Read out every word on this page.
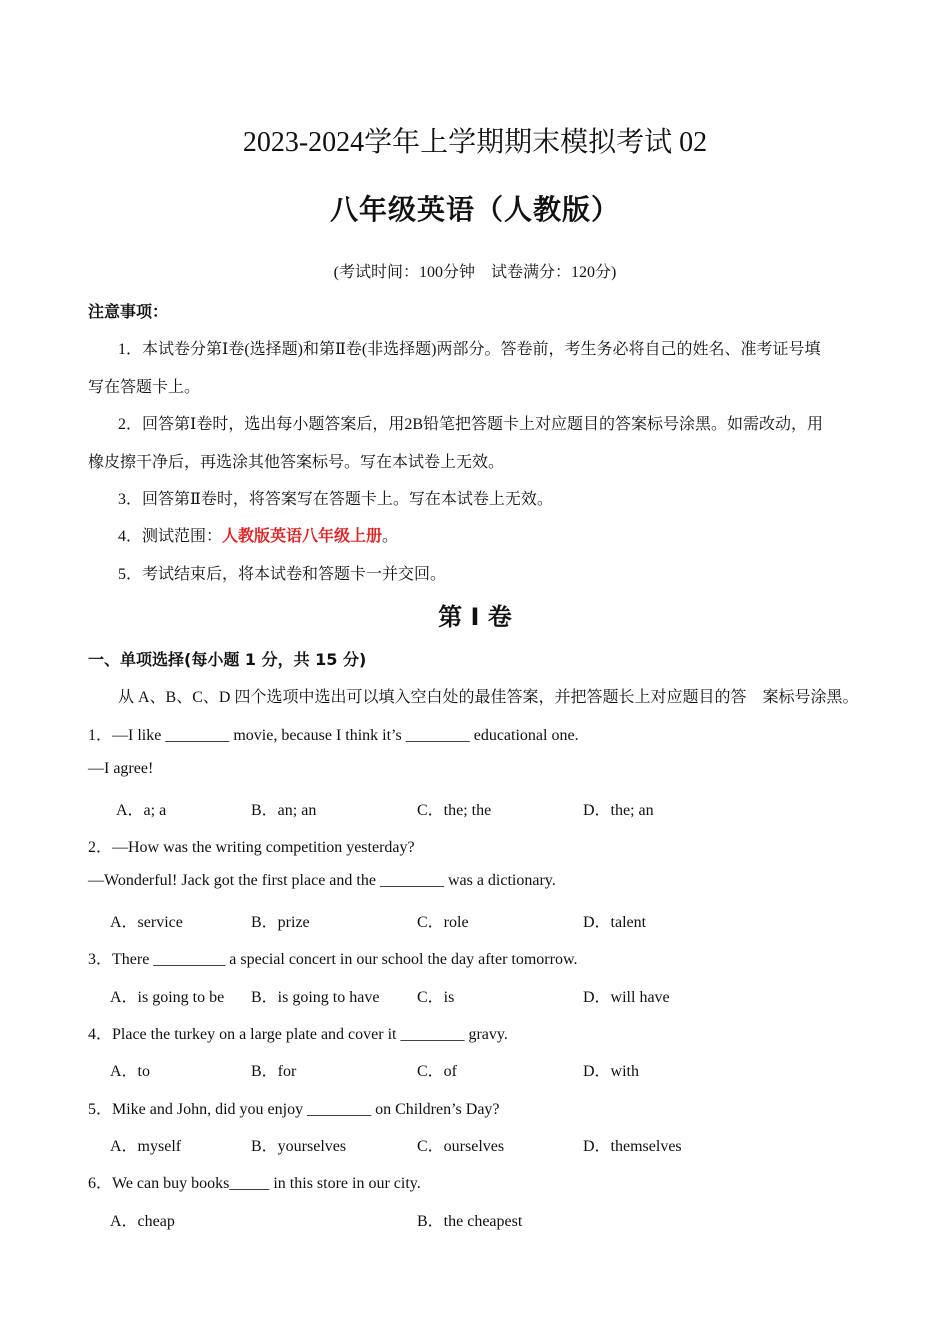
2023-2024学年上学期期末模拟考试 02
八年级英语（人教版）
(考试时间：100分钟　试卷满分：120分)
注意事项：
1．本试卷分第Ⅰ卷(选择题)和第Ⅱ卷(非选择题)两部分。答卷前，考生务必将自己的姓名、准考证号填
写在答题卡上。
2．回答第Ⅰ卷时，选出每小题答案后，用2B铅笔把答题卡上对应题目的答案标号涂黑。如需改动，用
橡皮擦干净后，再选涂其他答案标号。写在本试卷上无效。
3．回答第Ⅱ卷时，将答案写在答题卡上。写在本试卷上无效。
4．测试范围：人教版英语八年级上册。
5．考试结束后，将本试卷和答题卡一并交回。
第 I 卷
一、单项选择(每小题 1 分，共 15 分)
从 A、B、C、D 四个选项中选出可以填入空白处的最佳答案，并把答题长上对应题目的答　案标号涂黑。
1．—I like ________ movie, because I think it’s ________ educational one.
—I agree!
A．a; a	B．an; an	C．the; the	D．the; an
2．—How was the writing competition yesterday?
—Wonderful! Jack got the first place and the ________ was a dictionary.
A．service	B．prize	C．role	D．talent
3．There _________ a special concert in our school the day after tomorrow.
A．is going to be B．is going to have C．is	D．will have
4．Place the turkey on a large plate and cover it ________ gravy.
A．to	B．for	C．of	D．with
5．Mike and John, did you enjoy ________ on Children’s Day?
A．myself	B．yourselves	C．ourselves	D．themselves
6．We can buy books_____ in this store in our city.
A．cheap	B．the cheapest
